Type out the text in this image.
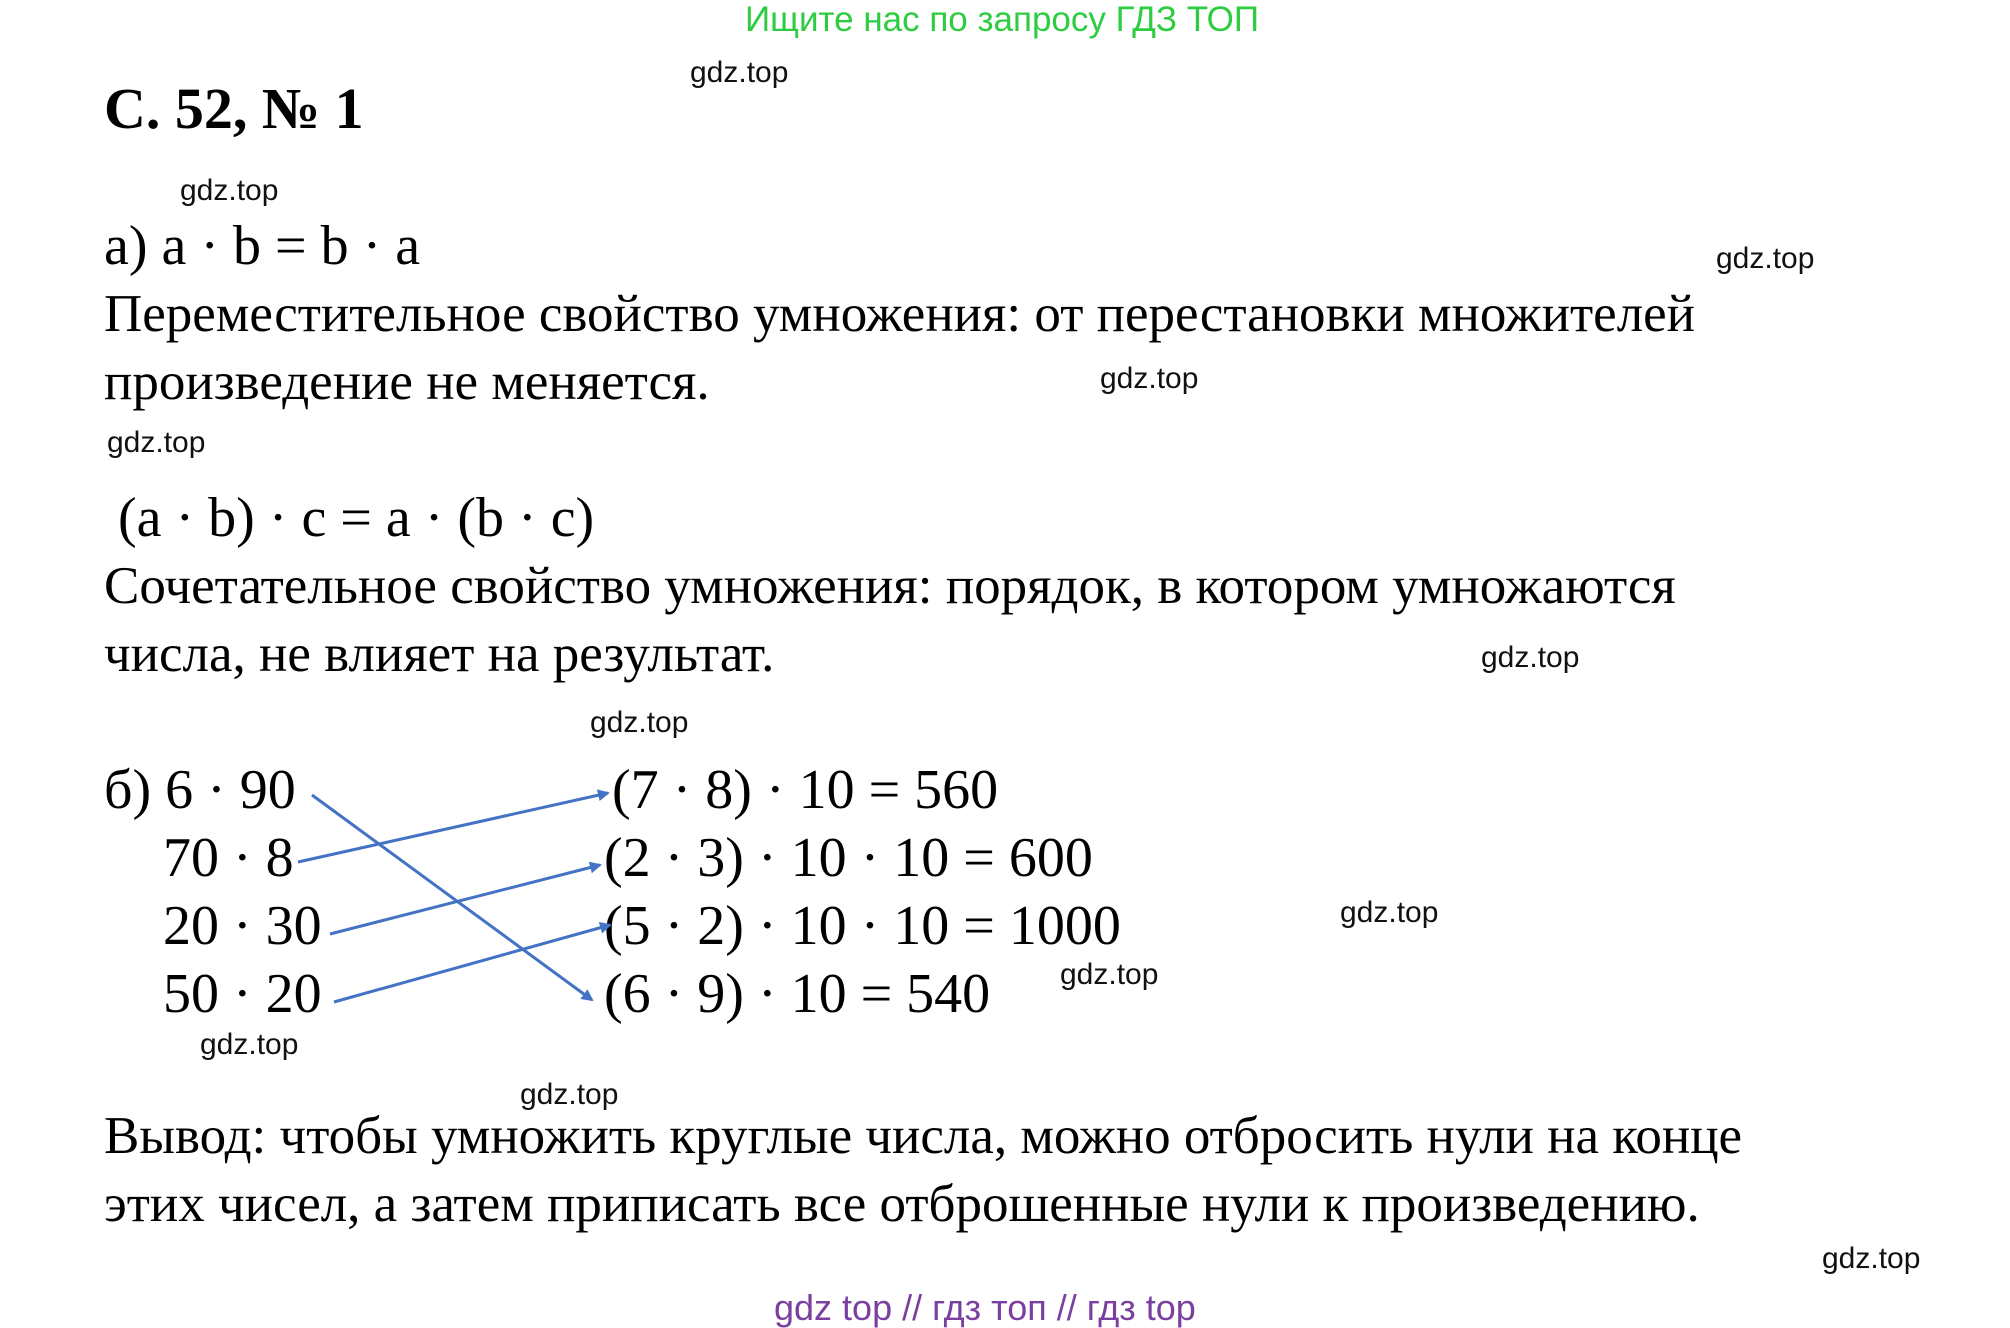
Ищите нас по запросу ГДЗ ТОП
С. 52, № 1
а) a · b = b · a
Переместительное свойство умножения: от перестановки множителей
произведение не меняется.
(a · b) · c = a · (b · c)
Сочетательное свойство умножения: порядок, в котором умножаются
числа, не влияет на результат.
б) 6 · 90
70 · 8
20 · 30
50 · 20
(7 · 8) · 10 = 560
(2 · 3) · 10 · 10 = 600
(5 · 2) · 10 · 10 = 1000
(6 · 9) · 10 = 540
Вывод: чтобы умножить круглые числа, можно отбросить нули на конце
этих чисел, а затем приписать все отброшенные нули к произведению.
gdz.top
gdz.top
gdz.top
gdz.top
gdz.top
gdz.top
gdz.top
gdz.top
gdz.top
gdz.top
gdz.top
gdz.top
gdz top // гдз топ // гдз top
